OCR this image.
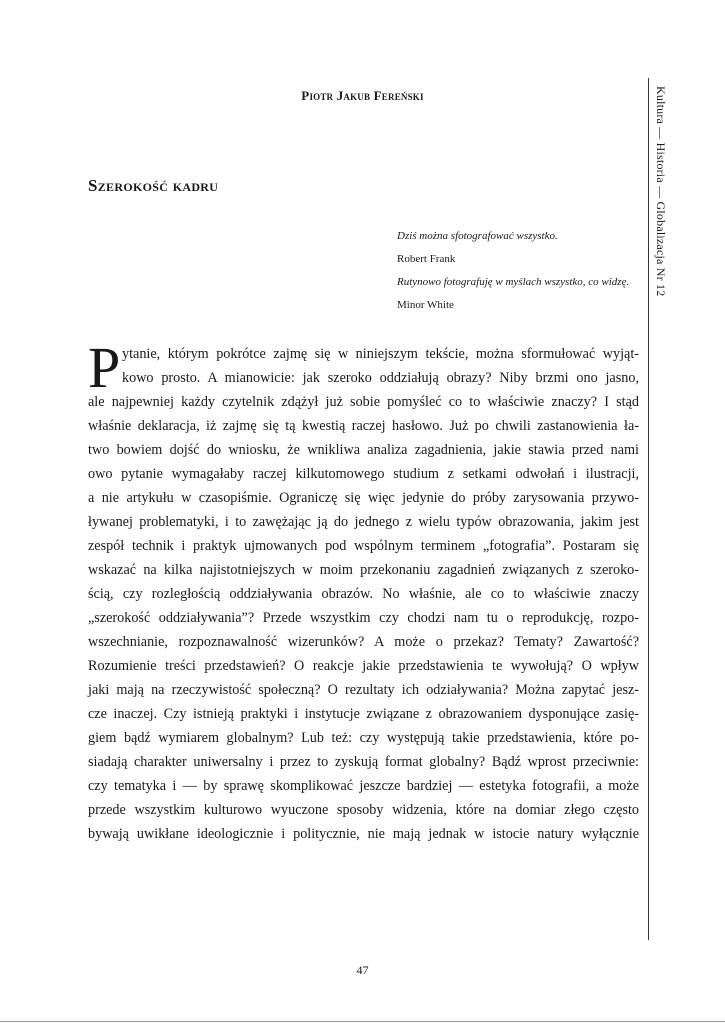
Piotr Jakub Fereński
Szerokość kadru
Dziś można sfotografować wszystko.
Robert Frank
Rutynowo fotografuję w myślach wszystko, co widzę.
Minor White
Kultura — Historia — Globalizacja Nr 12
P ytanie, którym pokrótce zajmę się w niniejszym tekście, można sformułować wyjąt-
kowo prosto. A mianowicie: jak szeroko oddziałują obrazy? Niby brzmi ono jasno,
ale najpewniej każdy czytelnik zdążył już sobie pomyśleć co to właściwie znaczy? I stąd
właśnie deklaracja, iż zajmę się tą kwestią raczej hasłowo. Już po chwili zastanowienia ła-
two bowiem dojść do wniosku, że wnikliwa analiza zagadnienia, jakie stawia przed nami
owo pytanie wymagałaby raczej kilkutomowego studium z setkami odwołań i ilustracji,
a nie artykułu w czasopiśmie. Ograniczę się więc jedynie do próby zarysowania przywo-
ływanej problematyki, i to zawężając ją do jednego z wielu typów obrazowania, jakim jest
zespół technik i praktyk ujmowanych pod wspólnym terminem „fotografia”. Postaram się
wskazać na kilka najistotniejszych w moim przekonaniu zagadnień związanych z szeroko-
ścią, czy rozległością oddziaływania obrazów. No właśnie, ale co to właściwie znaczy
„szerokość oddziaływania”? Przede wszystkim czy chodzi nam tu o reprodukcję, rozpo-
wszechnianie, rozpoznawalność wizerunków? A może o przekaz? Tematy? Zawartość?
Rozumienie treści przedstawień? O reakcje jakie przedstawienia te wywołują? O wpływ
jaki mają na rzeczywistość społeczną? O rezultaty ich odziaływania? Można zapytać jesz-
cze inaczej. Czy istnieją praktyki i instytucje związane z obrazowaniem dysponujące zasię-
giem bądź wymiarem globalnym? Lub też: czy występują takie przedstawienia, które po-
siadają charakter uniwersalny i przez to zyskują format globalny? Bądź wprost przeciwnie:
czy tematyka i — by sprawę skomplikować jeszcze bardziej — estetyka fotografii, a może
przede wszystkim kulturowo wyuczone sposoby widzenia, które na domiar złego często
bywają uwikłane ideologicznie i politycznie, nie mają jednak w istocie natury wyłącznie
47
